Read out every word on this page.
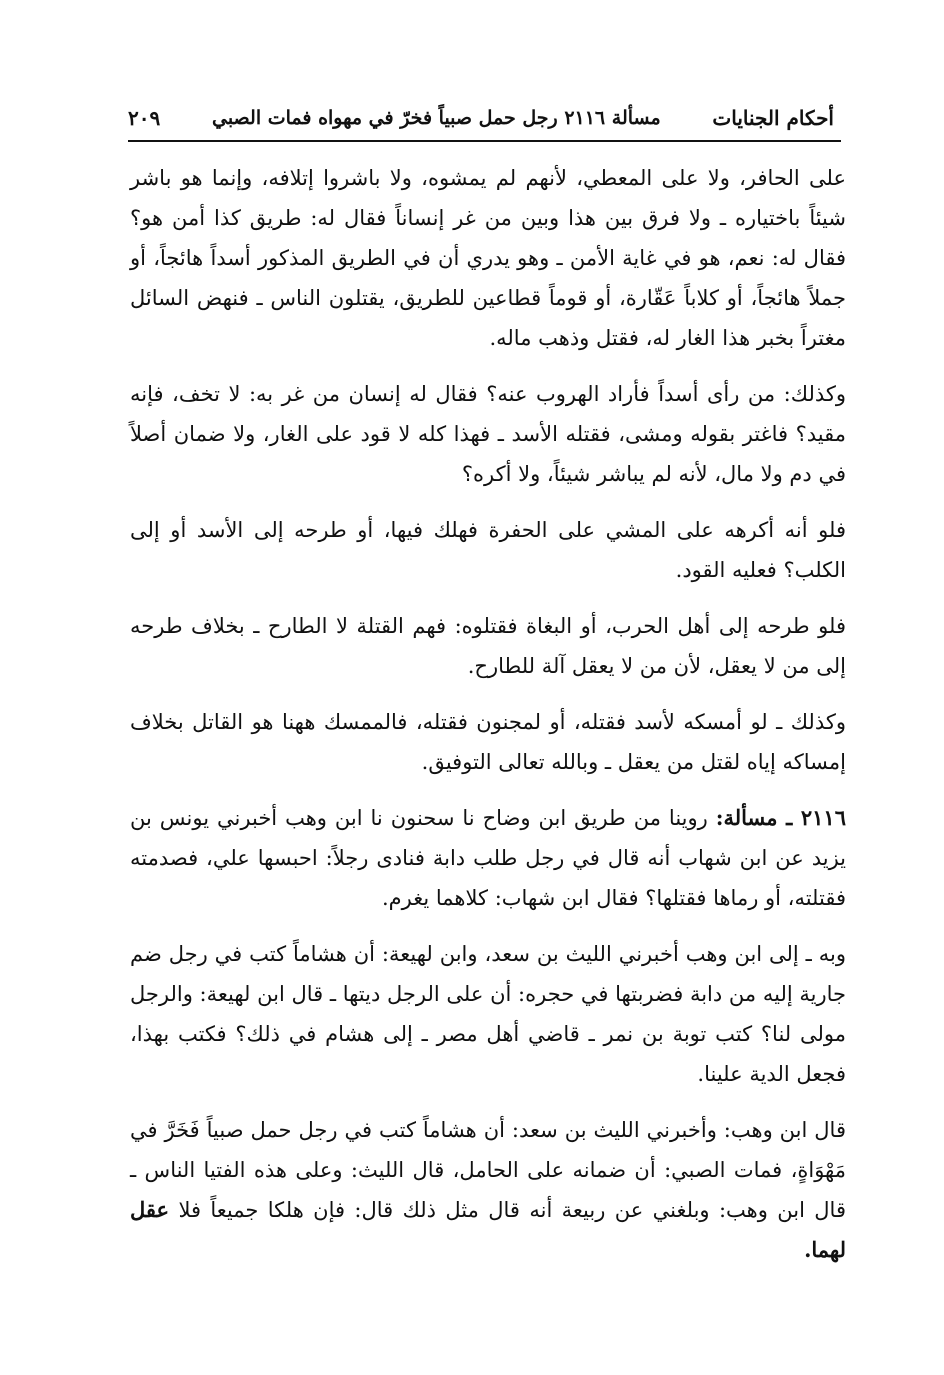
أحكام الجنايات
مسألة ٢١١٦ رجل حمل صبياً فخرّ في مهواه فمات الصبي
٢٠٩

على الحافر، ولا على المعطي، لأنهم لم يمشوه، ولا باشروا إتلافه، وإنما هو باشر شيئاً باختياره ـ ولا فرق بين هذا وبين من غر إنساناً فقال له: طريق كذا أمن هو؟ فقال له: نعم، هو في غاية الأمن ـ وهو يدري أن في الطريق المذكور أسداً هائجاً، أو جملاً هائجاً، أو كلاباً عَقّارة، أو قوماً قطاعين للطريق، يقتلون الناس ـ فنهض السائل مغتراً بخبر هذا الغار له، فقتل وذهب ماله.

وكذلك: من رأى أسداً فأراد الهروب عنه؟ فقال له إنسان من غر به: لا تخف، فإنه مقيد؟ فاغتر بقوله ومشى، فقتله الأسد ـ فهذا كله لا قود على الغار، ولا ضمان أصلاً في دم ولا مال، لأنه لم يباشر شيئاً، ولا أكره؟

فلو أنه أكرهه على المشي على الحفرة فهلك فيها، أو طرحه إلى الأسد أو إلى الكلب؟ فعليه القود.

فلو طرحه إلى أهل الحرب، أو البغاة فقتلوه: فهم القتلة لا الطارح ـ بخلاف طرحه إلى من لا يعقل، لأن من لا يعقل آلة للطارح.

وكذلك ـ لو أمسكه لأسد فقتله، أو لمجنون فقتله، فالممسك ههنا هو القاتل بخلاف إمساكه إياه لقتل من يعقل ـ وبالله تعالى التوفيق.

٢١١٦ ـ مسألة: روينا من طريق ابن وضاح نا سحنون نا ابن وهب أخبرني يونس بن يزيد عن ابن شهاب أنه قال في رجل طلب دابة فنادى رجلاً: احبسها علي، فصدمته فقتلته، أو رماها فقتلها؟ فقال ابن شهاب: كلاهما يغرم.

وبه ـ إلى ابن وهب أخبرني الليث بن سعد، وابن لهيعة: أن هشاماً كتب في رجل ضم جارية إليه من دابة فضربتها في حجره: أن على الرجل ديتها ـ قال ابن لهيعة: والرجل مولى لنا؟ كتب توبة بن نمر ـ قاضي أهل مصر ـ إلى هشام في ذلك؟ فكتب بهذا، فجعل الدية علينا.

قال ابن وهب: وأخبرني الليث بن سعد: أن هشاماً كتب في رجل حمل صبياً فَخَرَّ في مَهْوَاةٍ، فمات الصبي: أن ضمانه على الحامل، قال الليث: وعلى هذه الفتيا الناس ـ قال ابن وهب: وبلغني عن ربيعة أنه قال مثل ذلك قال: فإن هلكا جميعاً فلا عقل لهما.
